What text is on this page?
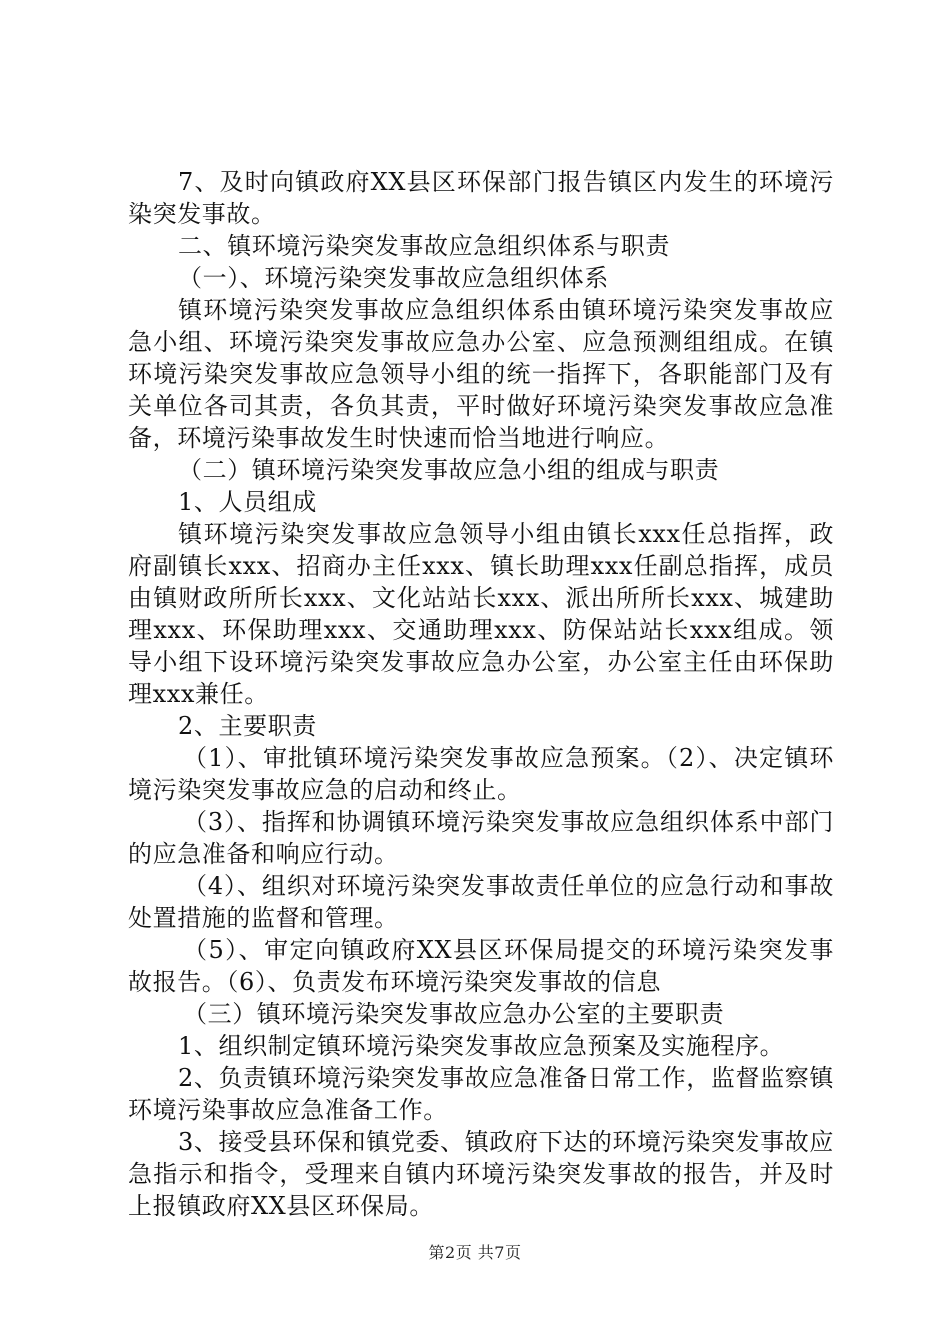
7、及时向镇政府XX县区环保部门报告镇区内发生的环境污染突发事故。

二、镇环境污染突发事故应急组织体系与职责

（一）、环境污染突发事故应急组织体系

镇环境污染突发事故应急组织体系由镇环境污染突发事故应急小组、环境污染突发事故应急办公室、应急预测组组成。在镇环境污染突发事故应急领导小组的统一指挥下，各职能部门及有关单位各司其责，各负其责，平时做好环境污染突发事故应急准备，环境污染事故发生时快速而恰当地进行响应。

（二）镇环境污染突发事故应急小组的组成与职责

1、人员组成

镇环境污染突发事故应急领导小组由镇长xxx任总指挥，政府副镇长xxx、招商办主任xxx、镇长助理xxx任副总指挥，成员由镇财政所所长xxx、文化站站长xxx、派出所所长xxx、城建助理xxx、环保助理xxx、交通助理xxx、防保站站长xxx组成。领导小组下设环境污染突发事故应急办公室，办公室主任由环保助理xxx兼任。

2、主要职责

（1）、审批镇环境污染突发事故应急预案。（2）、决定镇环境污染突发事故应急的启动和终止。

（3）、指挥和协调镇环境污染突发事故应急组织体系中部门的应急准备和响应行动。

（4）、组织对环境污染突发事故责任单位的应急行动和事故处置措施的监督和管理。

（5）、审定向镇政府XX县区环保局提交的环境污染突发事故报告。（6）、负责发布环境污染突发事故的信息

（三）镇环境污染突发事故应急办公室的主要职责

1、组织制定镇环境污染突发事故应急预案及实施程序。

2、负责镇环境污染突发事故应急准备日常工作，监督监察镇环境污染事故应急准备工作。

3、接受县环保和镇党委、镇政府下达的环境污染突发事故应急指示和指令，受理来自镇内环境污染突发事故的报告，并及时上报镇政府XX县区环保局。

第2页 共7页
